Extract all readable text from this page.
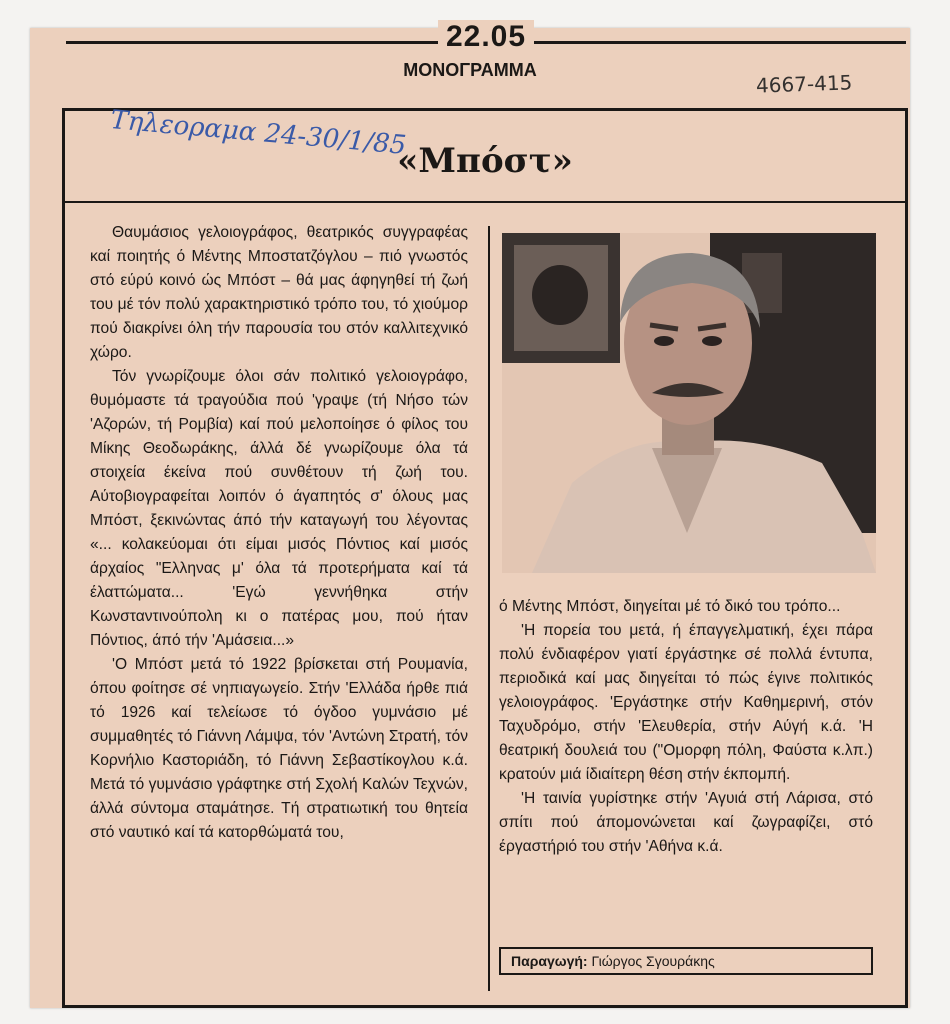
22.05
ΜΟΝΟΓΡΑΜΜΑ
4667-415
«Μπόστ»

Θαυμάσιος γελοιογράφος, θεατρικός συγγραφέας καί ποιητής ό Μέντης Μποστατζόγλου – πιό γνωστός στό εύρύ κοινό ώς Μπόστ – θά μας άφηγηθεί τή ζωή του μέ τόν πολύ χαρακτηριστικό τρόπο του, τό χιούμορ πού διακρίνει όλη τήν παρουσία του στόν καλλιτεχνικό χώρο.

Τόν γνωρίζουμε όλοι σάν πολιτικό γελοιογράφο, θυμόμαστε τά τραγούδια πού 'γραψε (τή Νήσο τών 'Αζορών, τή Ρομβία) καί πού μελοποίησε ό φίλος του Μίκης Θεοδωράκης, άλλά δέ γνωρίζουμε όλα τά στοιχεία έκείνα πού συνθέτουν τή ζωή του. Αύτοβιογραφείται λοιπόν ό άγαπητός σ' όλους μας Μπόστ, ξεκινώντας άπό τήν καταγωγή του λέγοντας «... κολακεύομαι ότι είμαι μισός Πόντιος καί μισός άρχαίος "Ελληνας μ' όλα τά προτερήματα καί τά έλαττώματα... 'Εγώ γεννήθηκα στήν Κωνσταντινούπολη κι ο πατέρας μου, πού ήταν Πόντιος, άπό τήν 'Αμάσεια...»

'Ο Μπόστ μετά τό 1922 βρίσκεται στή Ρουμανία, όπου φοίτησε σέ νηπιαγωγείο. Στήν 'Ελλάδα ήρθε πιά τό 1926 καί τελείωσε τό όγδοο γυμνάσιο μέ συμμαθητές τό Γιάννη Λάμψα, τόν 'Αντώνη Στρατή, τόν Κορνήλιο Καστοριάδη, τό Γιάννη Σεβαστίκογλου κ.ά. Μετά τό γυμνάσιο γράφτηκε στή Σχολή Καλών Τεχνών, άλλά σύντομα σταμάτησε. Τή στρατιωτική του θητεία στό ναυτικό καί τά κατορθώματά του,

ό Μέντης Μπόστ, διηγείται μέ τό δικό του τρόπο...

'Η πορεία του μετά, ή έπαγγελματική, έχει πάρα πολύ ένδιαφέρον γιατί έργάστηκε σέ πολλά έντυπα, περιοδικά καί μας διηγείται τό πώς έγινε πολιτικός γελοιογράφος. 'Εργάστηκε στήν Καθημερινή, στόν Ταχυδρόμο, στήν 'Ελευθερία, στήν Αύγή κ.ά. 'Η θεατρική δουλειά του ("Ομορφη πόλη, Φαύστα κ.λπ.) κρατούν μιά ίδιαίτερη θέση στήν έκπομπή.

'Η ταινία γυρίστηκε στήν 'Αγυιά στή Λάρισα, στό σπίτι πού άπομονώνεται καί ζωγραφίζει, στό έργαστήριό του στήν 'Αθήνα κ.ά.

Παραγωγή: Γιώργος Σγουράκης
Τηλεοραμα 24-30/1/85
